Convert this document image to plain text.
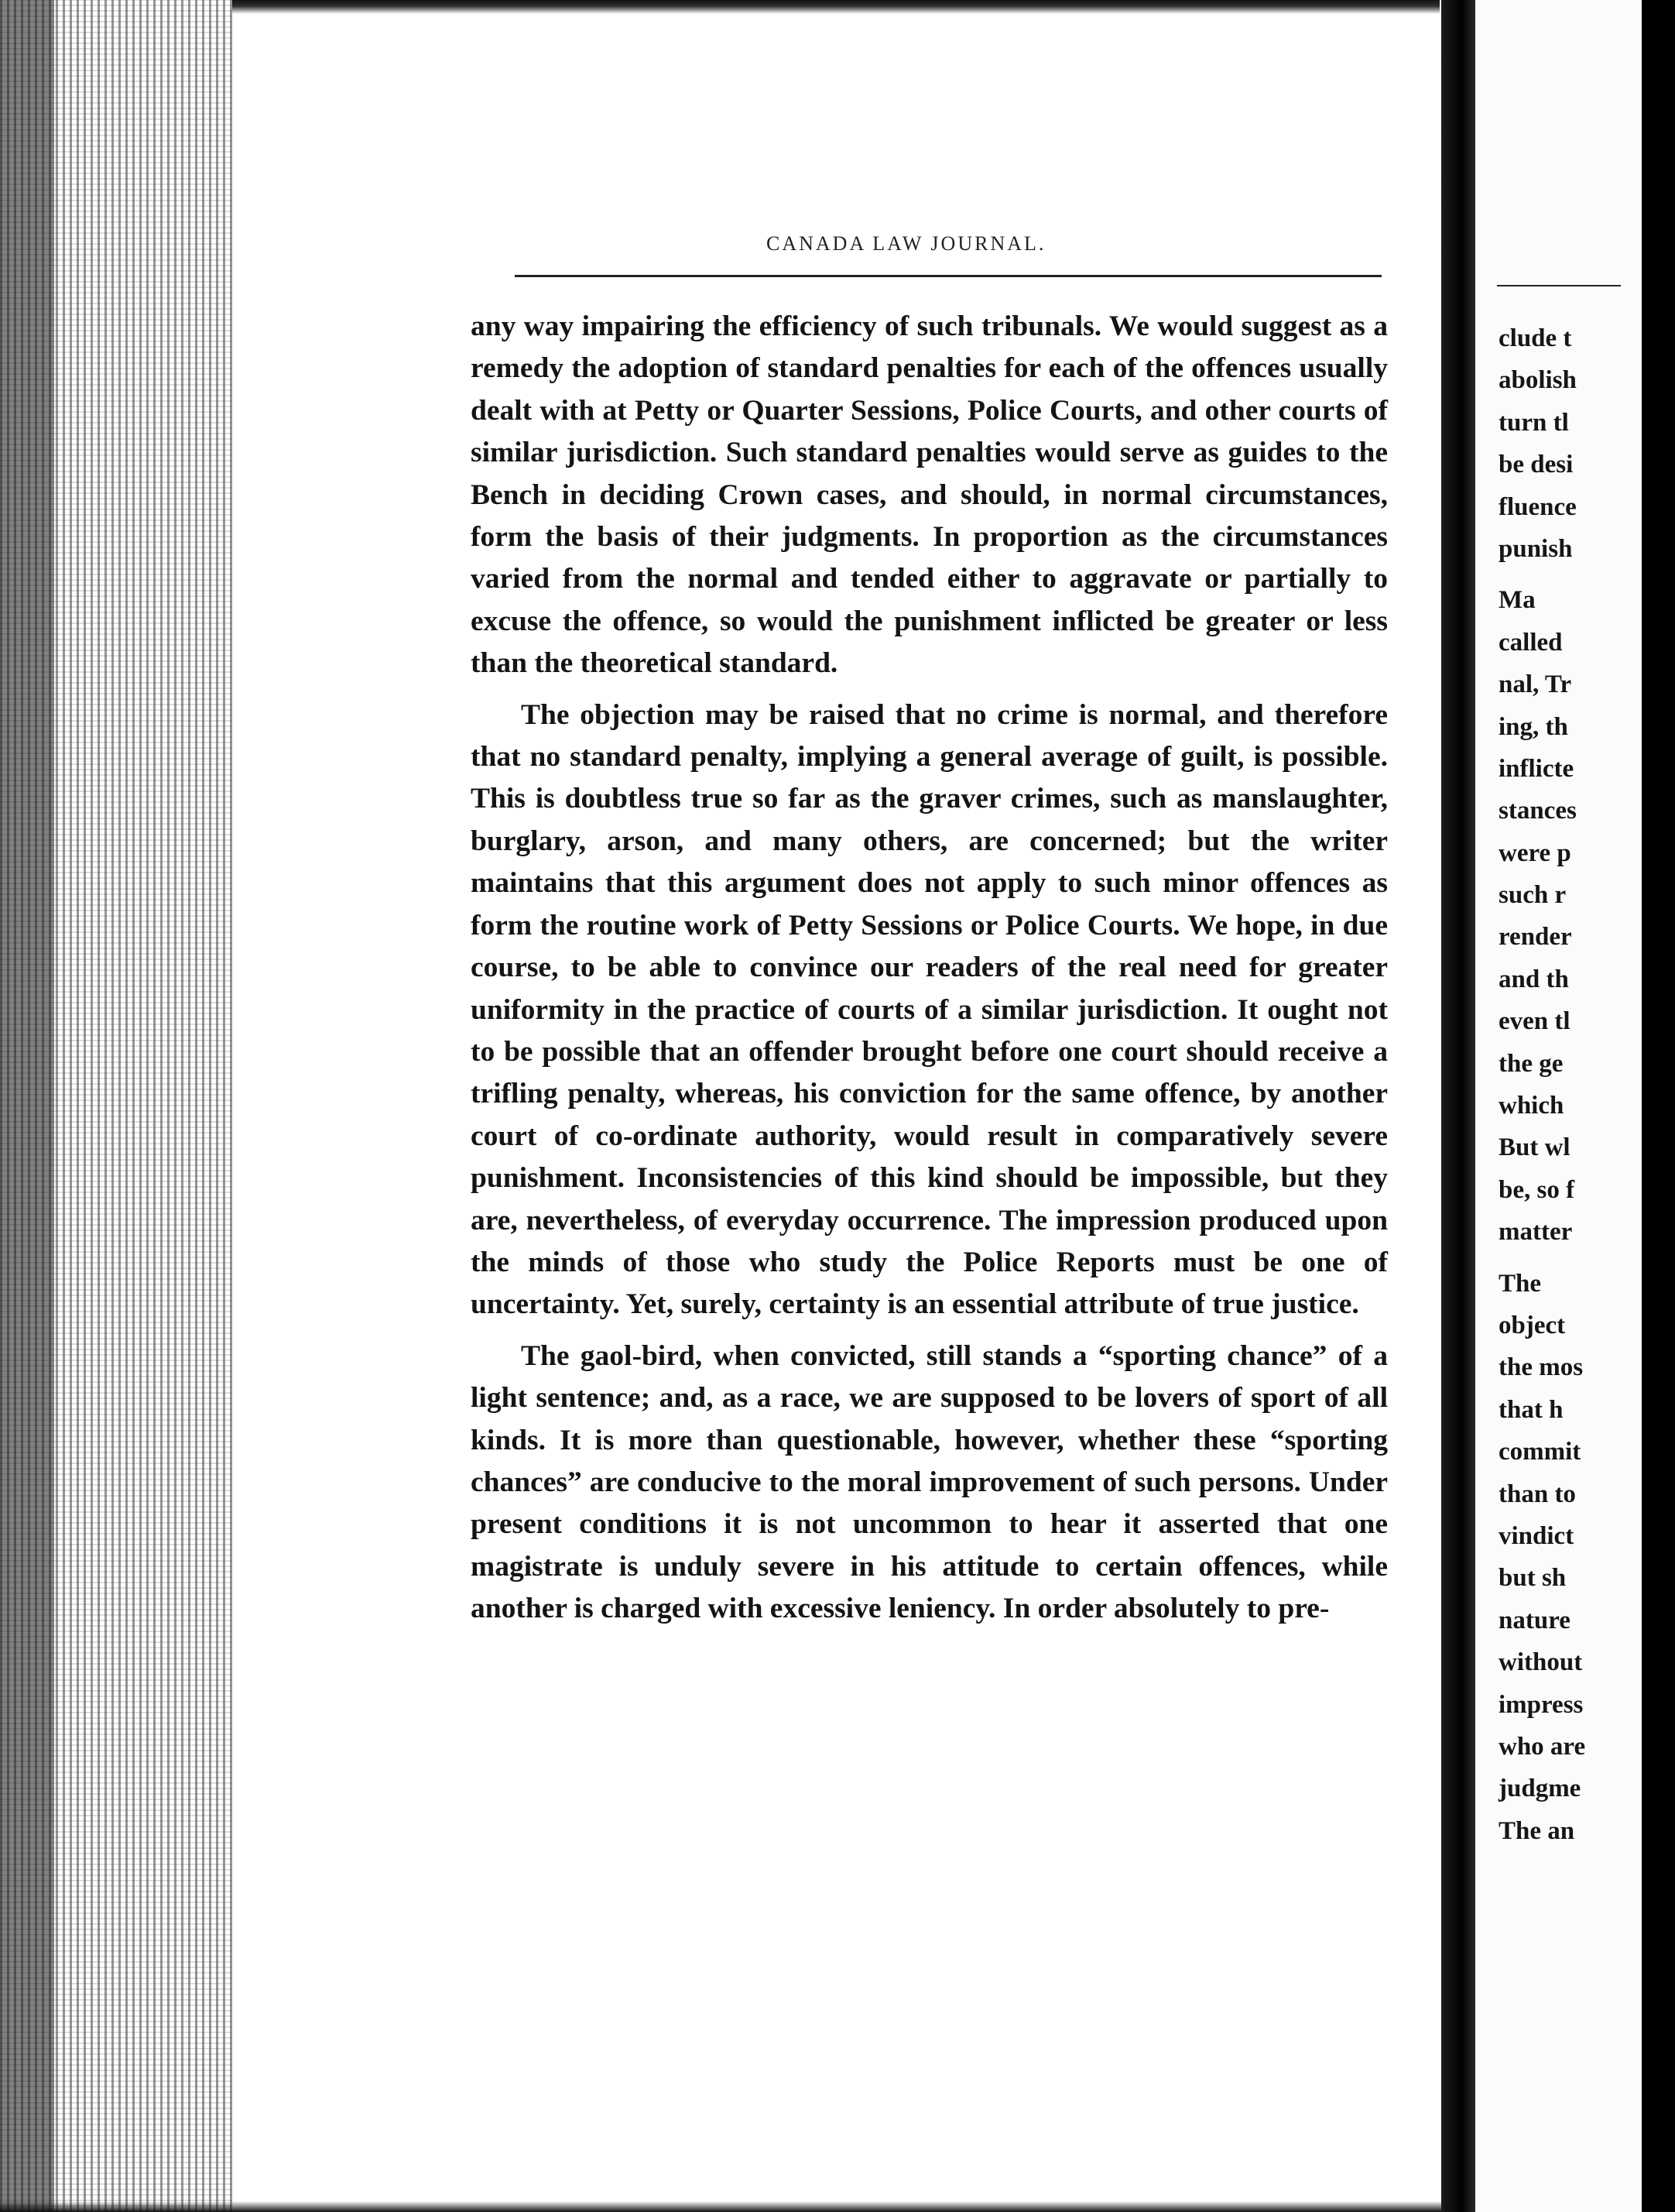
CANADA LAW JOURNAL.

any way impairing the efficiency of such tribunals. We would suggest as a remedy the adoption of standard penalties for each of the offences usually dealt with at Petty or Quarter Sessions, Police Courts, and other courts of similar jurisdiction. Such standard penalties would serve as guides to the Bench in deciding Crown cases, and should, in normal circumstances, form the basis of their judgments. In proportion as the circumstances varied from the normal and tended either to aggravate or partially to excuse the offence, so would the punishment inflicted be greater or less than the theoretical standard.

The objection may be raised that no crime is normal, and therefore that no standard penalty, implying a general average of guilt, is possible. This is doubtless true so far as the graver crimes, such as manslaughter, burglary, arson, and many others, are concerned; but the writer maintains that this argument does not apply to such minor offences as form the routine work of Petty Sessions or Police Courts. We hope, in due course, to be able to convince our readers of the real need for greater uniformity in the practice of courts of a similar jurisdiction. It ought not to be possible that an offender brought before one court should receive a trifling penalty, whereas, his conviction for the same offence, by another court of co-ordinate authority, would result in comparatively severe punishment. Inconsistencies of this kind should be impossible, but they are, nevertheless, of everyday occurrence. The impression produced upon the minds of those who study the Police Reports must be one of uncertainty. Yet, surely, certainty is an essential attribute of true justice.

The gaol-bird, when convicted, still stands a “sporting chance” of a light sentence; and, as a race, we are supposed to be lovers of sport of all kinds. It is more than questionable, however, whether these “sporting chances” are conducive to the moral improvement of such persons. Under present conditions it is not uncommon to hear it asserted that one magistrate is unduly severe in his attitude to certain offences, while another is charged with excessive leniency. In order absolutely to pre-

clude t
abolish
turn tl
be desi
fluence
punish
Ma
called
nal, Tr
ing, th
inflicte
stances
were p
such r
render
and th
even tl
the ge
which
But wl
be, so f
matter
The
object
the mos
that h
commit
than to
vindict
but sh
nature
without
impress
who are
judgme
The an
